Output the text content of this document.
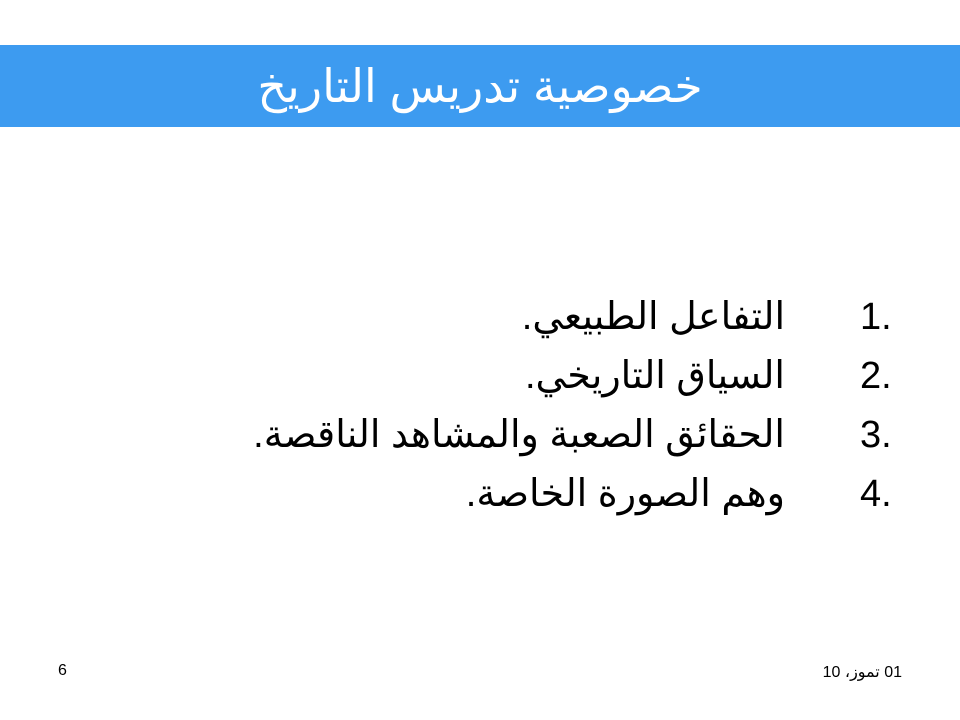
خصوصية تدريس التاريخ
1.
التفاعل الطبيعي.
2.
السياق التاريخي.
3.
الحقائق الصعبة والمشاهد الناقصة.
4.
وهم الصورة الخاصة.
6	01 تموز، 10
